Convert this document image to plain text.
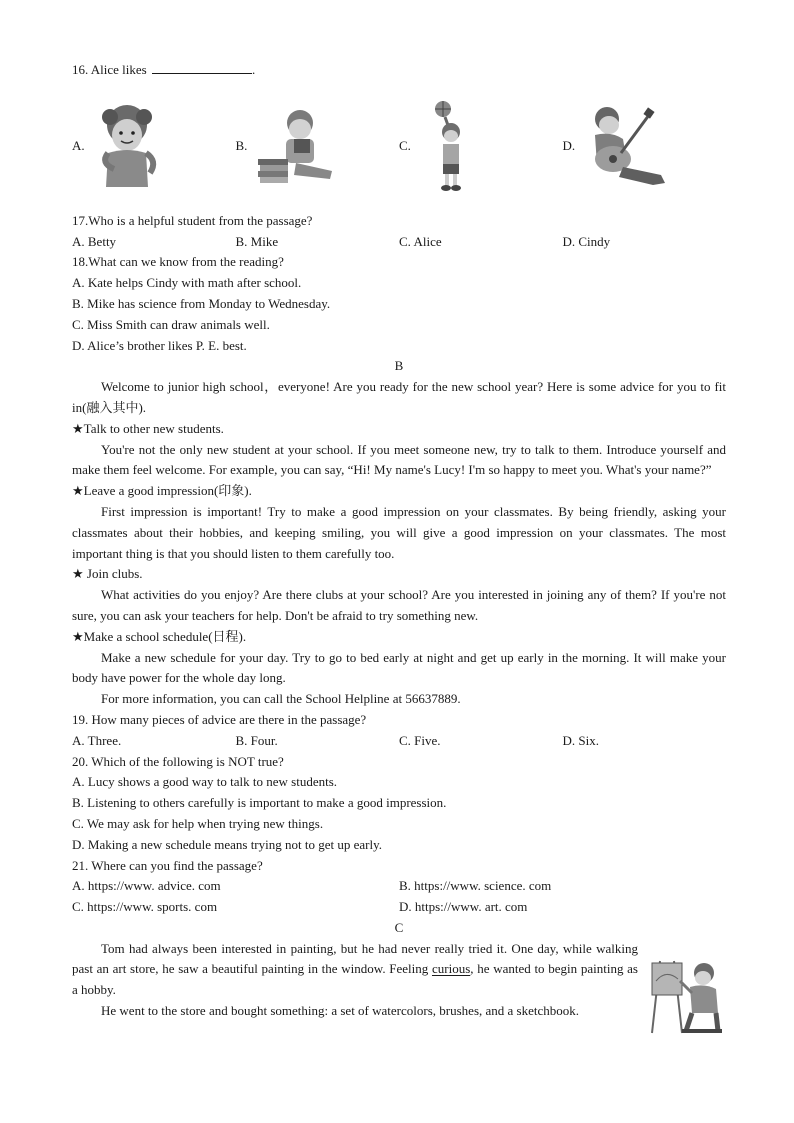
16. Alice likes	.
A.	B.	C.	D.
17.Who is a helpful student from the passage?
A. Betty	B. Mike	C. Alice	D. Cindy
18.What can we know from the reading?
A. Kate helps Cindy with math after school.
B. Mike has science from Monday to Wednesday.
C. Miss Smith can draw animals well.
D. Alice’s brother likes P. E. best.
B
Welcome to junior high school，everyone! Are you ready for the new school year? Here is some advice for you to fit in(融入其中).
★Talk to other new students.
You're not the only new student at your school. If you meet someone new, try to talk to them. Introduce yourself and make them feel welcome. For example, you can say, “Hi! My name's Lucy! I'm so happy to meet you. What's your name?”
★Leave a good impression(印象).
First impression is important! Try to make a good impression on your classmates. By being friendly, asking your classmates about their hobbies, and keeping smiling, you will give a good impression on your classmates. The most important thing is that you should listen to them carefully too.
★ Join clubs.
What activities do you enjoy? Are there clubs at your school? Are you interested in joining any of them? If you're not sure, you can ask your teachers for help. Don't be afraid to try something new.
★Make a school schedule(日程).
Make a new schedule for your day. Try to go to bed early at night and get up early in the morning. It will make your body have power for the whole day long.
For more information, you can call the School Helpline at 56637889.
19. How many pieces of advice are there in the passage?
A. Three.	B. Four.	C. Five.	D. Six.
20. Which of the following is NOT true?
A. Lucy shows a good way to talk to new students.
B. Listening to others carefully is important to make a good impression.
C. We may ask for help when trying new things.
D. Making a new schedule means trying not to get up early.
21. Where can you find the passage?
A. https://www. advice. com	B. https://www. science. com
C. https://www. sports. com	D. https://www. art. com
C
Tom had always been interested in painting, but he had never really tried it. One day, while walking past an art store, he saw a beautiful painting in the window. Feeling curious, he wanted to begin painting as a hobby.
He went to the store and bought something: a set of watercolors, brushes, and a sketchbook.
